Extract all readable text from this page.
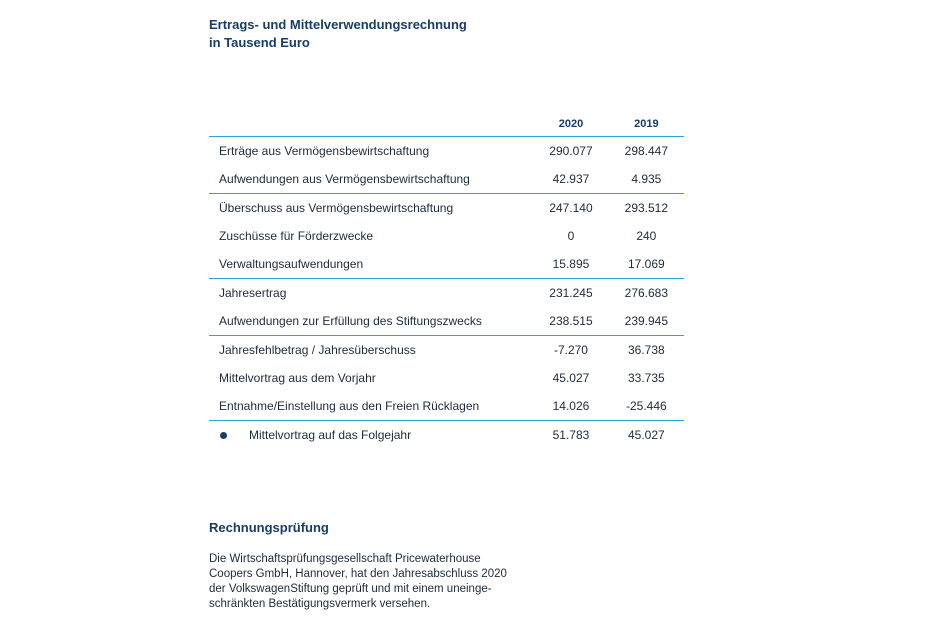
Ertrags- und Mittelverwendungsrechnung
in Tausend Euro
2020	2019
Erträge aus Vermögensbewirtschaftung	290.077	298.447
Aufwendungen aus Vermögensbewirtschaftung	42.937	4.935
Überschuss aus Vermögensbewirtschaftung	247.140	293.512
Zuschüsse für Förderzwecke	0	240
Verwaltungsaufwendungen	15.895	17.069
Jahresertrag	231.245	276.683
Aufwendungen zur Erfüllung des Stiftungszwecks	238.515	239.945
Jahresfehlbetrag / Jahresüberschuss	-7.270	36.738
Mittelvortrag aus dem Vorjahr	45.027	33.735
Entnahme/Einstellung aus den Freien Rücklagen	14.026	-25.446
Mittelvortrag auf das Folgejahr	51.783	45.027
Rechnungsprüfung
Die Wirtschaftsprüfungsgesellschaft Pricewaterhouse
Coopers GmbH, Hannover, hat den Jahresabschluss 2020
der VolkswagenStiftung geprüft und mit einem uneinge-
schränkten Bestätigungsvermerk versehen.
